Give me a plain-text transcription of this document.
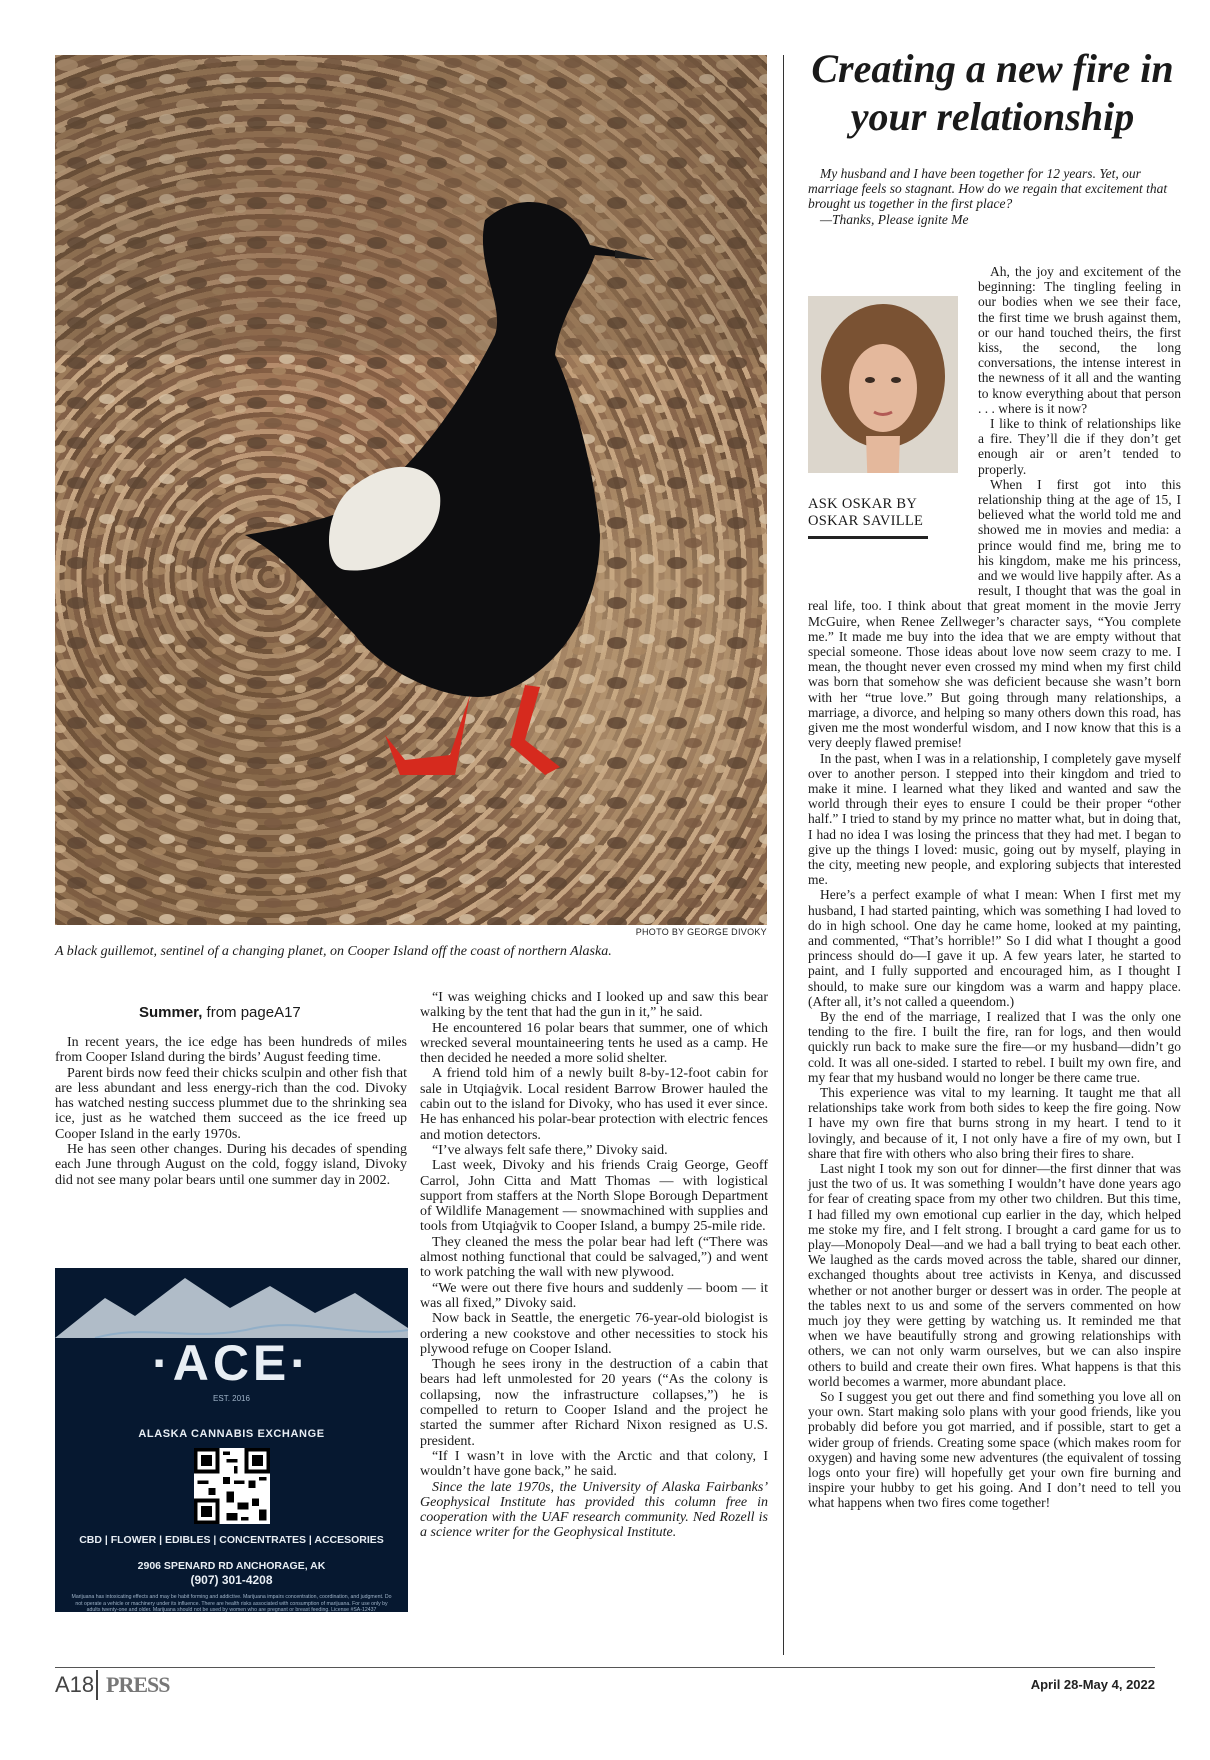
PHOTO BY GEORGE DIVOKY
A black guillemot, sentinel of a changing planet, on Cooper Island off the coast of northern Alaska.
Summer, from pageA17

In recent years, the ice edge has been hundreds of miles from Cooper Island during the birds’ August feeding time.

Parent birds now feed their chicks sculpin and other fish that are less abundant and less energy-rich than the cod. Divoky has watched nesting success plummet due to the shrinking sea ice, just as he watched them succeed as the ice freed up Cooper Island in the early 1970s.

He has seen other changes. During his decades of spending each June through August on the cold, foggy island, Divoky did not see many polar bears until one summer day in 2002.

“I was weighing chicks and I looked up and saw this bear walking by the tent that had the gun in it,” he said.

He encountered 16 polar bears that summer, one of which wrecked several mountaineering tents he used as a camp. He then decided he needed a more solid shelter.

A friend told him of a newly built 8-by-12-foot cabin for sale in Utqiaġvik. Local resident Barrow Brower hauled the cabin out to the island for Divoky, who has used it ever since. He has enhanced his polar-bear protection with electric fences and motion detectors.

“I’ve always felt safe there,” Divoky said.

Last week, Divoky and his friends Craig George, Geoff Carrol, John Citta and Matt Thomas — with logistical support from staffers at the North Slope Borough Department of Wildlife Management — snowmachined with supplies and tools from Utqiaġvik to Cooper Island, a bumpy 25-mile ride.

They cleaned the mess the polar bear had left (“There was almost nothing functional that could be salvaged,”) and went to work patching the wall with new plywood.

“We were out there five hours and suddenly — boom — it was all fixed,” Divoky said.

Now back in Seattle, the energetic 76-year-old biologist is ordering a new cookstove and other necessities to stock his plywood refuge on Cooper Island.

Though he sees irony in the destruction of a cabin that bears had left unmolested for 20 years (“As the colony is collapsing, now the infrastructure collapses,”) he is compelled to return to Cooper Island and the project he started the summer after Richard Nixon resigned as U.S. president.

“If I wasn’t in love with the Arctic and that colony, I wouldn’t have gone back,” he said.

Since the late 1970s, the University of Alaska Fairbanks’ Geophysical Institute has provided this column free in cooperation with the UAF research community. Ned Rozell is a science writer for the Geophysical Institute.

·ACE·
EST. 2016
ALASKA CANNABIS EXCHANGE
CBD | FLOWER | EDIBLES | CONCENTRATES | ACCESORIES
2906 SPENARD RD ANCHORAGE, AK
(907) 301-4208
Marijuana has intoxicating effects and may be habit forming and addictive. Marijuana impairs concentration, coordination, and judgment. Do not operate a vehicle or machinery under its influence. There are health risks associated with consumption of marijuana. For use only by adults twenty-one and older. Marijuana should not be used by women who are pregnant or breast feeding. License #SA-12437
Creating a new fire in your relationship
My husband and I have been together for 12 years. Yet, our marriage feels so stagnant. How do we regain that excitement that brought us together in the first place?
—Thanks, Please ignite Me
ASK OSKAR BY OSKAR SAVILLE

Ah, the joy and excitement of the beginning: The tingling feeling in our bodies when we see their face, the first time we brush against them, or our hand touched theirs, the first kiss, the second, the long conversations, the intense interest in the newness of it all and the wanting to know everything about that person . . . where is it now?

I like to think of relationships like a fire. They’ll die if they don’t get enough air or aren’t tended to properly.

When I first got into this relationship thing at the age of 15, I believed what the world told me and showed me in movies and media: a prince would find me, bring me to his kingdom, make me his princess, and we would live happily after. As a result, I thought that was the goal in real life, too. I think about that great moment in the movie Jerry McGuire, when Renee Zellweger’s character says, “You complete me.” It made me buy into the idea that we are empty without that special someone. Those ideas about love now seem crazy to me. I mean, the thought never even crossed my mind when my first child was born that somehow she was deficient because she wasn’t born with her “true love.” But going through many relationships, a marriage, a divorce, and helping so many others down this road, has given me the most wonderful wisdom, and I now know that this is a very deeply flawed premise!

In the past, when I was in a relationship, I completely gave myself over to another person. I stepped into their kingdom and tried to make it mine. I learned what they liked and wanted and saw the world through their eyes to ensure I could be their proper “other half.” I tried to stand by my prince no matter what, but in doing that, I had no idea I was losing the princess that they had met. I began to give up the things I loved: music, going out by myself, playing in the city, meeting new people, and exploring subjects that interested me.

Here’s a perfect example of what I mean: When I first met my husband, I had started painting, which was something I had loved to do in high school. One day he came home, looked at my painting, and commented, “That’s horrible!” So I did what I thought a good princess should do—I gave it up. A few years later, he started to paint, and I fully supported and encouraged him, as I thought I should, to make sure our kingdom was a warm and happy place. (After all, it’s not called a queendom.)

By the end of the marriage, I realized that I was the only one tending to the fire. I built the fire, ran for logs, and then would quickly run back to make sure the fire—or my husband—didn’t go cold. It was all one-sided. I started to rebel. I built my own fire, and my fear that my husband would no longer be there came true.

This experience was vital to my learning. It taught me that all relationships take work from both sides to keep the fire going. Now I have my own fire that burns strong in my heart. I tend to it lovingly, and because of it, I not only have a fire of my own, but I share that fire with others who also bring their fires to share.

Last night I took my son out for dinner—the first dinner that was just the two of us. It was something I wouldn’t have done years ago for fear of creating space from my other two children. But this time, I had filled my own emotional cup earlier in the day, which helped me stoke my fire, and I felt strong. I brought a card game for us to play—Monopoly Deal—and we had a ball trying to beat each other. We laughed as the cards moved across the table, shared our dinner, exchanged thoughts about tree activists in Kenya, and discussed whether or not another burger or dessert was in order. The people at the tables next to us and some of the servers commented on how much joy they were getting by watching us. It reminded me that when we have beautifully strong and growing relationships with others, we can not only warm ourselves, but we can also inspire others to build and create their own fires. What happens is that this world becomes a warmer, more abundant place.

So I suggest you get out there and find something you love all on your own. Start making solo plans with your good friends, like you probably did before you got married, and if possible, start to get a wider group of friends. Creating some space (which makes room for oxygen) and having some new adventures (the equivalent of tossing logs onto your fire) will hopefully get your own fire burning and inspire your hubby to get his going. And I don’t need to tell you what happens when two fires come together!

A18 PRESS	April 28-May 4, 2022
